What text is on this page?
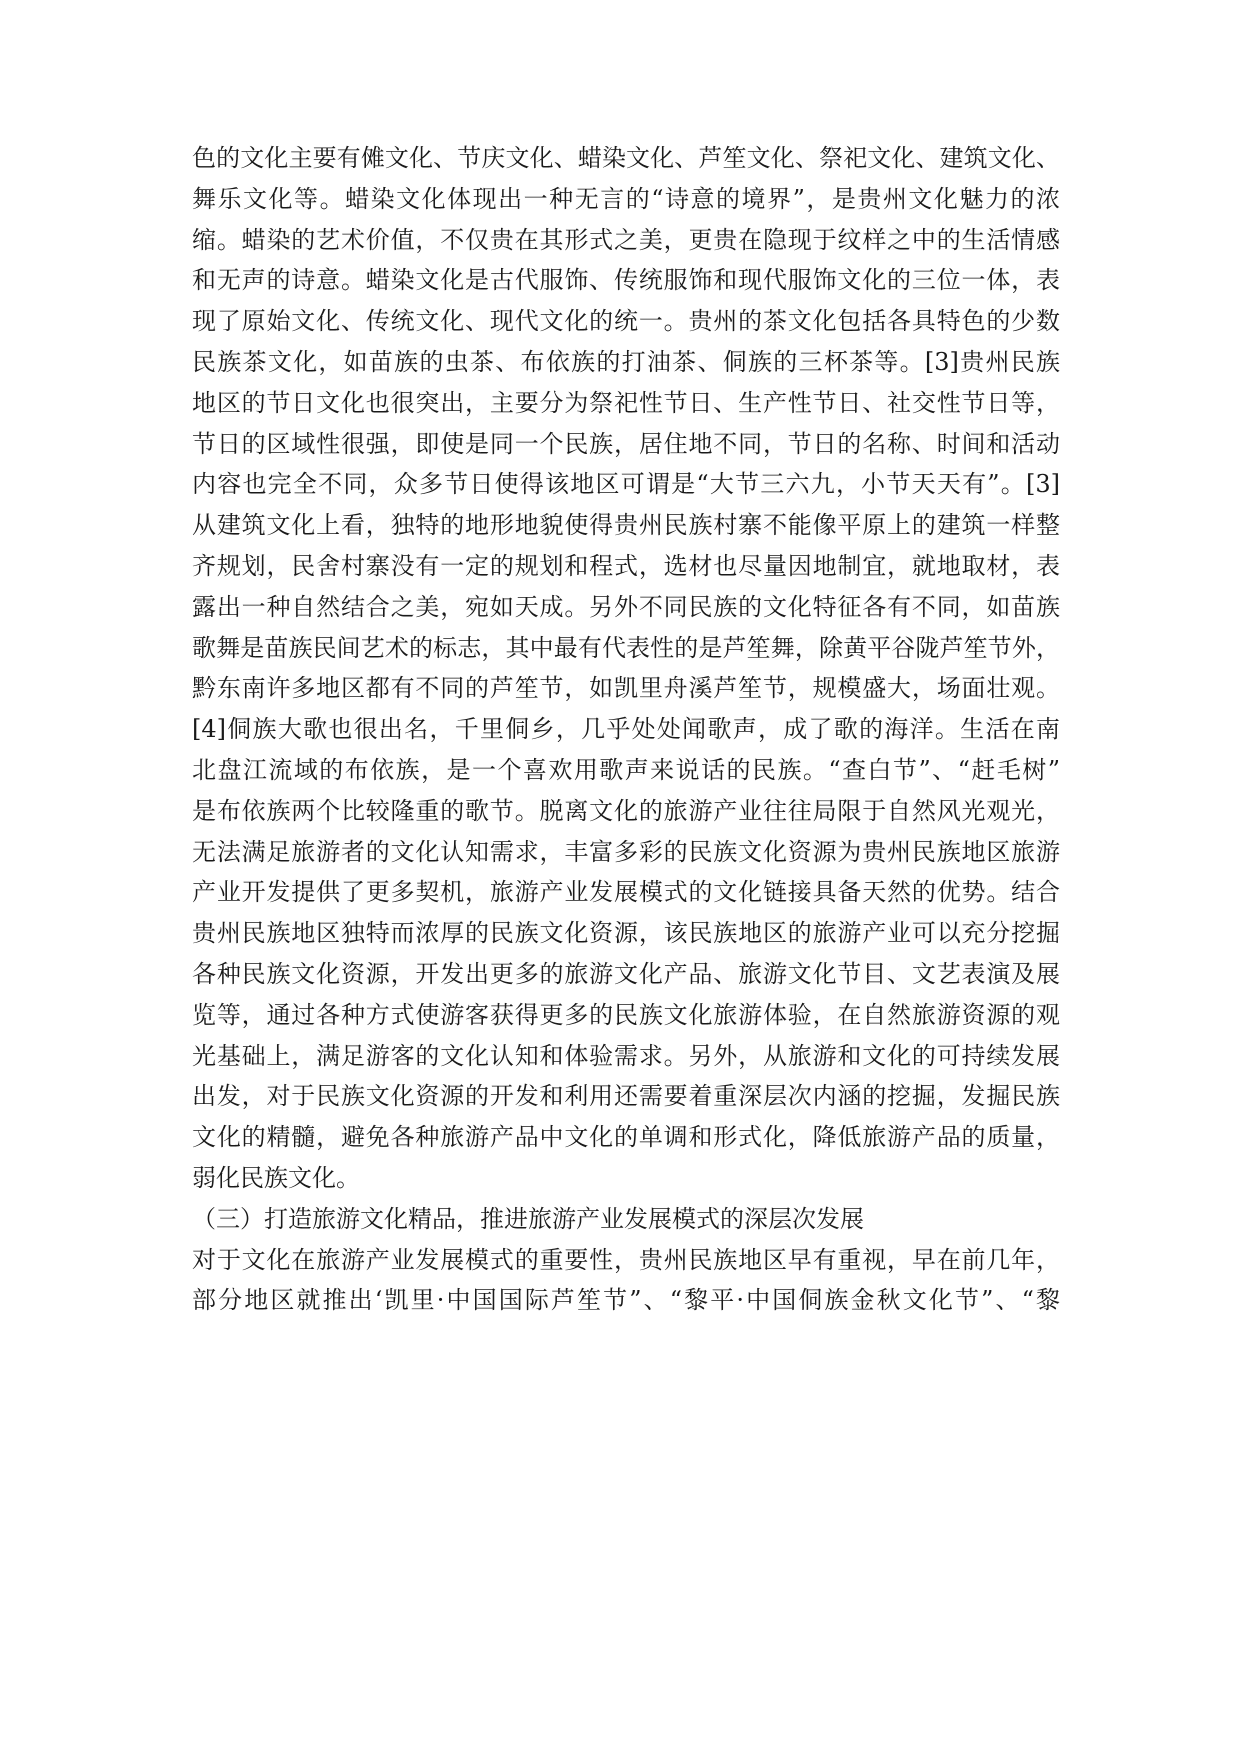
色的文化主要有傩文化、节庆文化、蜡染文化、芦笙文化、祭祀文化、建筑文化、
舞乐文化等。蜡染文化体现出一种无言的“诗意的境界”，是贵州文化魅力的浓
缩。蜡染的艺术价值，不仅贵在其形式之美，更贵在隐现于纹样之中的生活情感
和无声的诗意。蜡染文化是古代服饰、传统服饰和现代服饰文化的三位一体，表
现了原始文化、传统文化、现代文化的统一。贵州的茶文化包括各具特色的少数
民族茶文化，如苗族的虫茶、布依族的打油茶、侗族的三杯茶等。[3]贵州民族
地区的节日文化也很突出，主要分为祭祀性节日、生产性节日、社交性节日等，
节日的区域性很强，即使是同一个民族，居住地不同，节日的名称、时间和活动
内容也完全不同，众多节日使得该地区可谓是“大节三六九，小节天天有”。[3]
从建筑文化上看，独特的地形地貌使得贵州民族村寨不能像平原上的建筑一样整
齐规划，民舍村寨没有一定的规划和程式，选材也尽量因地制宜，就地取材，表
露出一种自然结合之美，宛如天成。另外不同民族的文化特征各有不同，如苗族
歌舞是苗族民间艺术的标志，其中最有代表性的是芦笙舞，除黄平谷陇芦笙节外，
黔东南许多地区都有不同的芦笙节，如凯里舟溪芦笙节，规模盛大，场面壮观。
[4]侗族大歌也很出名，千里侗乡，几乎处处闻歌声，成了歌的海洋。生活在南
北盘江流域的布依族，是一个喜欢用歌声来说话的民族。“查白节”、“赶毛树”
是布依族两个比较隆重的歌节。脱离文化的旅游产业往往局限于自然风光观光，
无法满足旅游者的文化认知需求，丰富多彩的民族文化资源为贵州民族地区旅游
产业开发提供了更多契机，旅游产业发展模式的文化链接具备天然的优势。结合
贵州民族地区独特而浓厚的民族文化资源，该民族地区的旅游产业可以充分挖掘
各种民族文化资源，开发出更多的旅游文化产品、旅游文化节目、文艺表演及展
览等，通过各种方式使游客获得更多的民族文化旅游体验，在自然旅游资源的观
光基础上，满足游客的文化认知和体验需求。另外，从旅游和文化的可持续发展
出发，对于民族文化资源的开发和利用还需要着重深层次内涵的挖掘，发掘民族
文化的精髓，避免各种旅游产品中文化的单调和形式化，降低旅游产品的质量，
弱化民族文化。
（三）打造旅游文化精品，推进旅游产业发展模式的深层次发展
对于文化在旅游产业发展模式的重要性，贵州民族地区早有重视，早在前几年，
部分地区就推出‘凯里·中国国际芦笙节”、“黎平·中国侗族金秋文化节”、“黎
